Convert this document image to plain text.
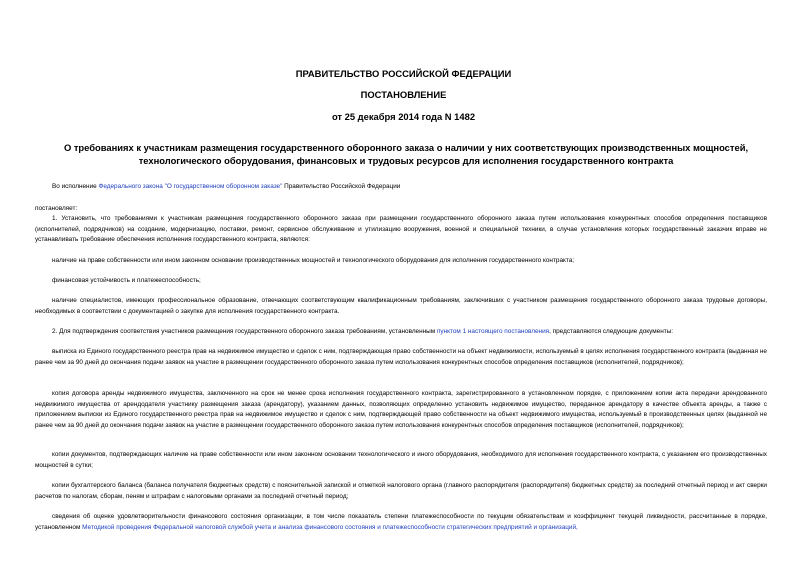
ПРАВИТЕЛЬСТВО РОССИЙСКОЙ ФЕДЕРАЦИИ
ПОСТАНОВЛЕНИЕ
от 25 декабря 2014 года N 1482
О требованиях к участникам размещения государственного оборонного заказа о наличии у них соответствующих производственных мощностей, технологического оборудования, финансовых и трудовых ресурсов для исполнения государственного контракта

Во исполнение Федерального закона "О государственном оборонном заказе" Правительство Российской Федерации

постановляет:

1. Установить, что требованиями к участникам размещения государственного оборонного заказа при размещении государственного оборонного заказа путем использования конкурентных способов определения поставщиков (исполнителей, подрядчиков) на создание, модернизацию, поставки, ремонт, сервисное обслуживание и утилизацию вооружения, военной и специальной техники, в случае установления которых государственный заказчик вправе не устанавливать требование обеспечения исполнения государственного контракта, являются:

наличие на праве собственности или ином законном основании производственных мощностей и технологического оборудования для исполнения государственного контракта;

финансовая устойчивость и платежеспособность;

наличие специалистов, имеющих профессиональное образование, отвечающих соответствующим квалификационным требованиям, заключивших с участником размещения государственного оборонного заказа трудовые договоры, необходимых в соответствии с документацией о закупке для исполнения государственного контракта.

2. Для подтверждения соответствия участников размещения государственного оборонного заказа требованиям, установленным пунктом 1 настоящего постановления, представляются следующие документы:

выписка из Единого государственного реестра прав на недвижимое имущество и сделок с ним, подтверждающая право собственности на объект недвижимости, используемый в целях исполнения государственного контракта (выданная не ранее чем за 90 дней до окончания подачи заявок на участие в размещении государственного оборонного заказа путем использования конкурентных способов определения поставщиков (исполнителей, подрядчиков);

копия договора аренды недвижимого имущества, заключенного на срок не менее срока исполнения государственного контракта, зарегистрированного в установленном порядке, с приложением копии акта передачи арендованного недвижимого имущества от арендодателя участнику размещения заказа (арендатору), указанием данных, позволяющих определенно установить недвижимое имущество, переданное арендатору в качестве объекта аренды, а также с приложением выписки из Единого государственного реестра прав на недвижимое имущество и сделок с ним, подтверждающей право собственности на объект недвижимого имущества, используемый в производственных целях (выданной не ранее чем за 90 дней до окончания подачи заявок на участие в размещении государственного оборонного заказа путем использования конкурентных способов определения поставщиков (исполнителей, подрядчиков);

копии документов, подтверждающих наличие на праве собственности или ином законном основании технологического и иного оборудования, необходимого для исполнения государственного контракта, с указанием его производственных мощностей в сутки;

копии бухгалтерского баланса (баланса получателя бюджетных средств) с пояснительной запиской и отметкой налогового органа (главного распорядителя (распорядителя) бюджетных средств) за последний отчетный период и акт сверки расчетов по налогам, сборам, пеням и штрафам с налоговыми органами за последний отчетный период;

сведения об оценке удовлетворительности финансового состояния организации, в том числе показатель степени платежеспособности по текущим обязательствам и коэффициент текущей ликвидности, рассчитанные в порядке, установленном Методикой проведения Федеральной налоговой службой учета и анализа финансового состояния и платежеспособности стратегических предприятий и организаций,
